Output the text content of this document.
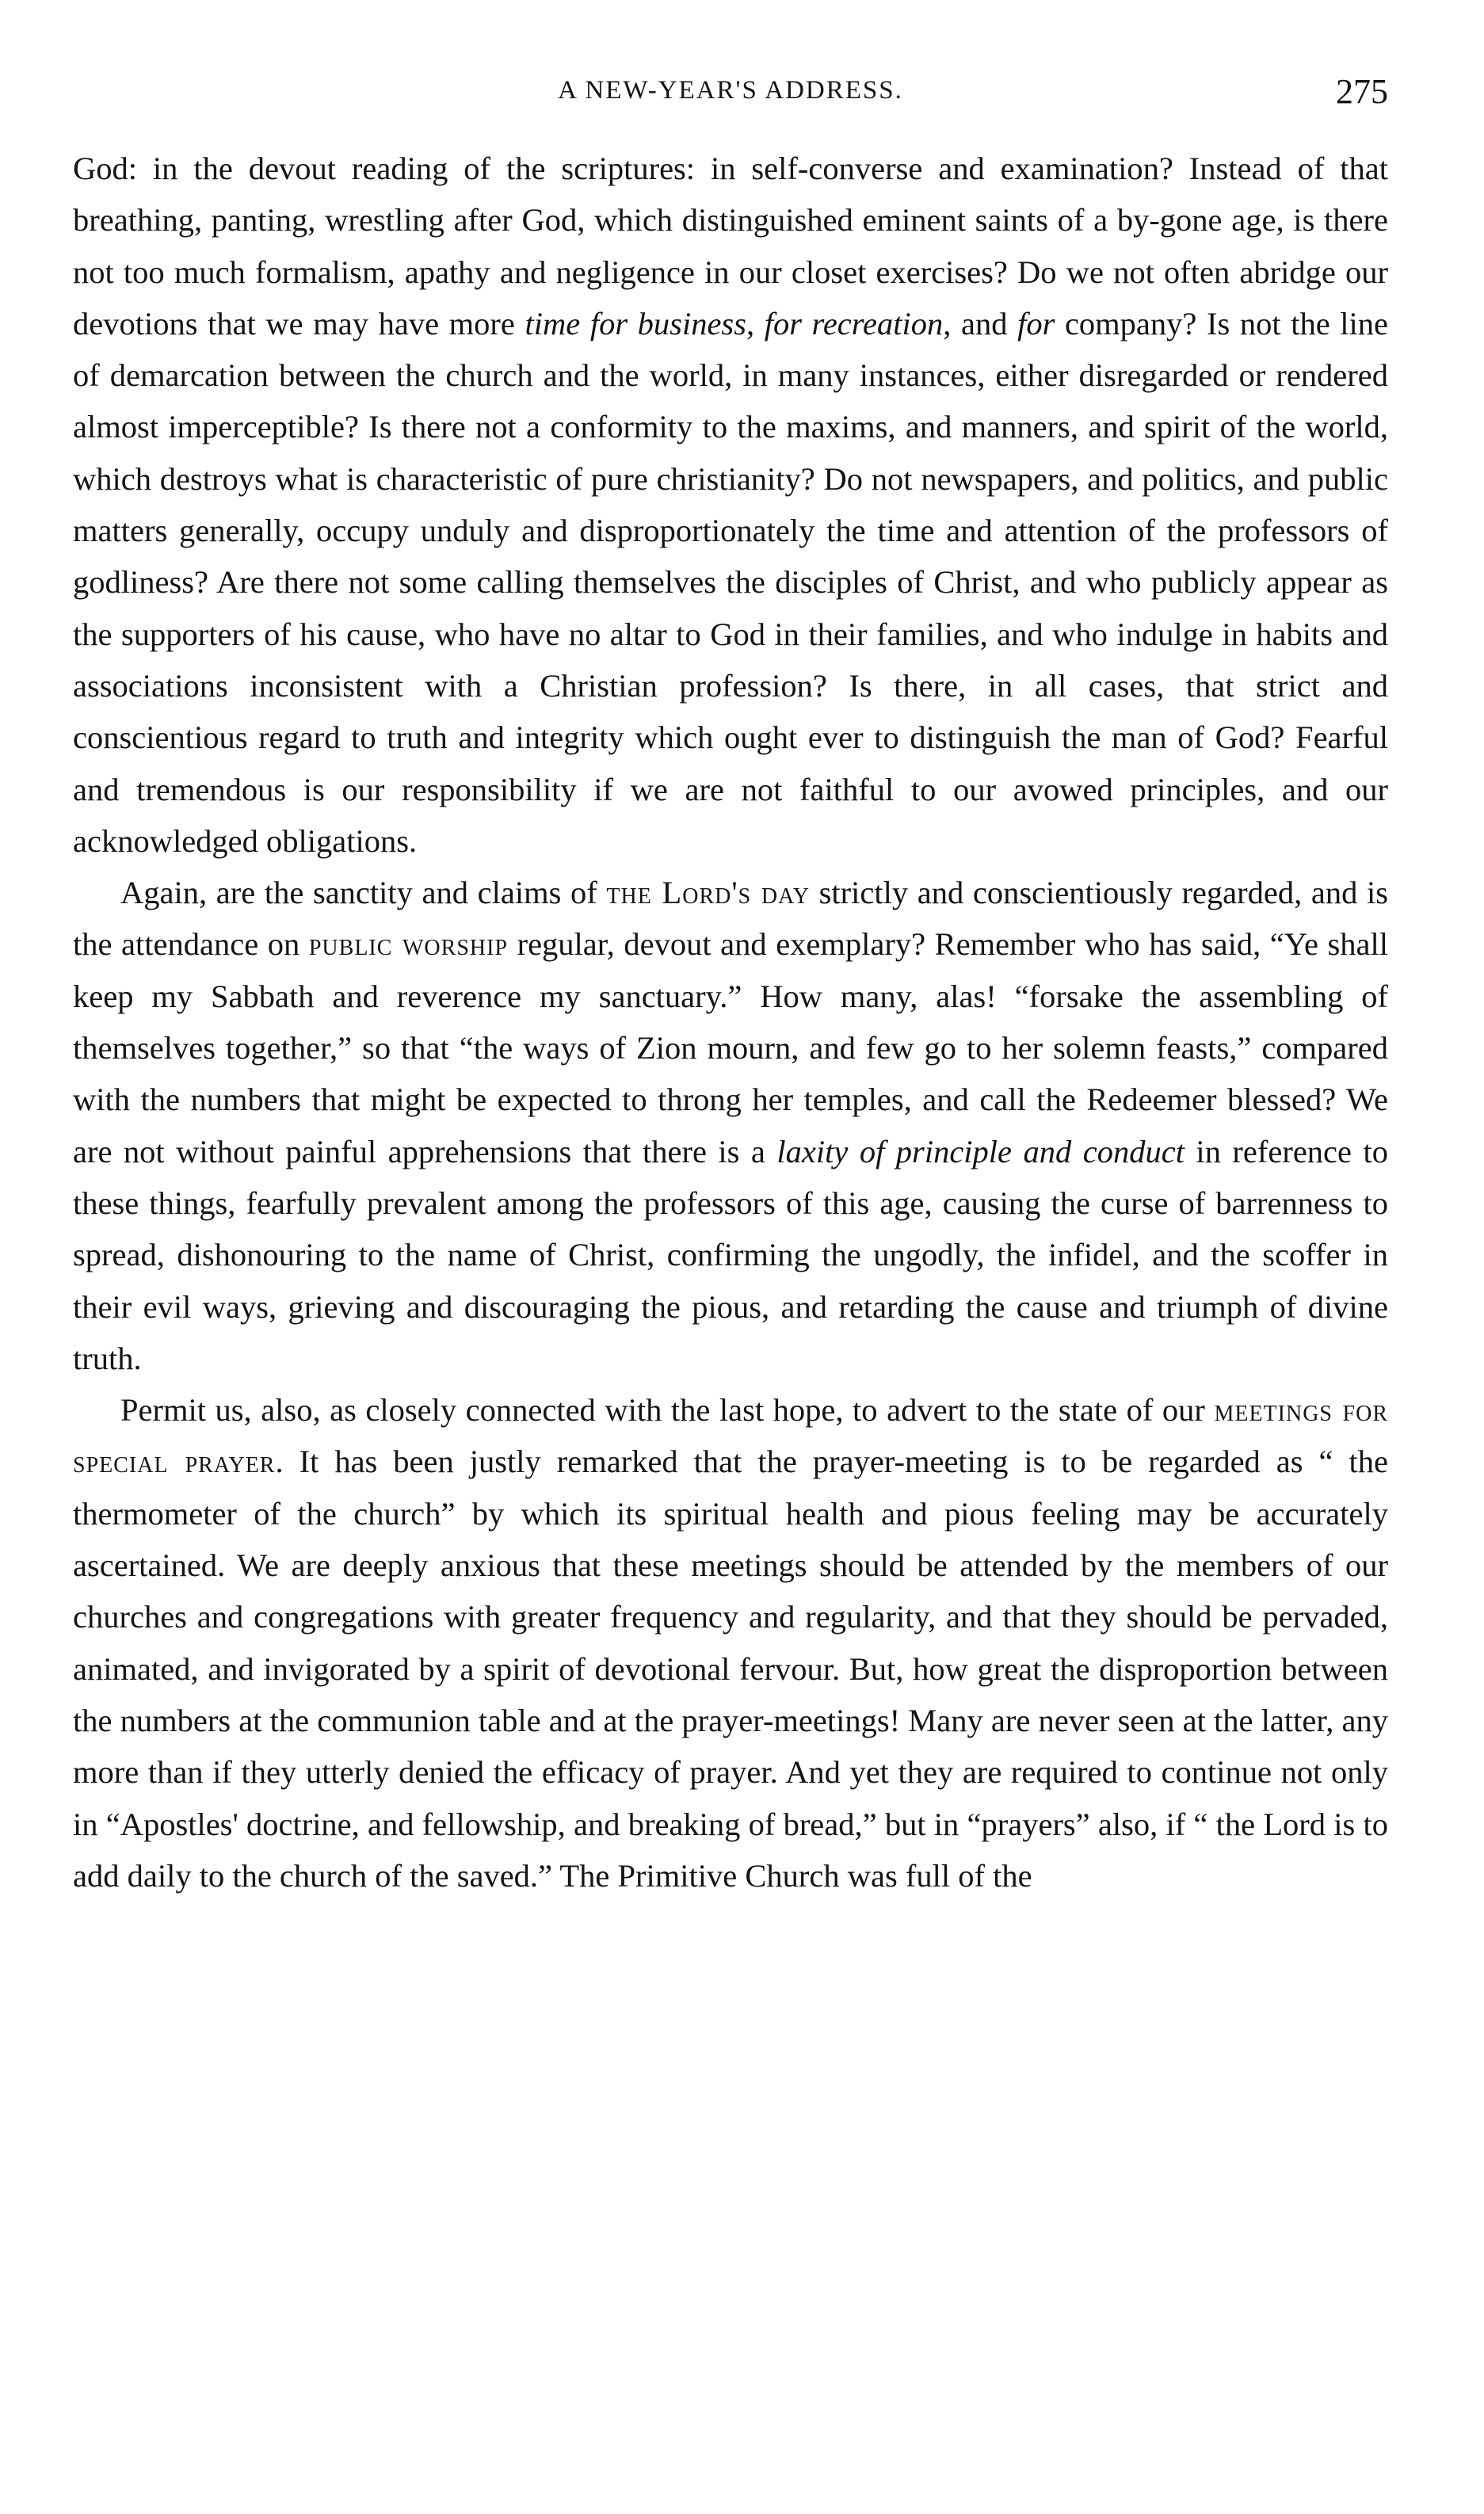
A NEW-YEAR'S ADDRESS.	275

God: in the devout reading of the scriptures: in self-converse and examination? Instead of that breathing, panting, wrestling after God, which distinguished eminent saints of a by-gone age, is there not too much formalism, apathy and negligence in our closet exercises? Do we not often abridge our devotions that we may have more time for business, for recreation, and for company? Is not the line of demarcation between the church and the world, in many instances, either disregarded or rendered almost imperceptible? Is there not a conformity to the maxims, and manners, and spirit of the world, which destroys what is characteristic of pure christianity? Do not newspapers, and politics, and public matters generally, occupy unduly and disproportionately the time and attention of the professors of godliness? Are there not some calling themselves the disciples of Christ, and who publicly appear as the supporters of his cause, who have no altar to God in their families, and who indulge in habits and associations inconsistent with a Christian profession? Is there, in all cases, that strict and conscientious regard to truth and integrity which ought ever to distinguish the man of God? Fearful and tremendous is our responsibility if we are not faithful to our avowed principles, and our acknowledged obligations.

Again, are the sanctity and claims of the Lord's day strictly and conscientiously regarded, and is the attendance on public worship regular, devout and exemplary? Remember who has said, “Ye shall keep my Sabbath and reverence my sanctuary.” How many, alas! “forsake the assembling of themselves together,” so that “the ways of Zion mourn, and few go to her solemn feasts,” compared with the numbers that might be expected to throng her temples, and call the Redeemer blessed? We are not without painful apprehensions that there is a laxity of principle and conduct in reference to these things, fearfully prevalent among the professors of this age, causing the curse of barrenness to spread, dishonouring to the name of Christ, confirming the ungodly, the infidel, and the scoffer in their evil ways, grieving and discouraging the pious, and retarding the cause and triumph of divine truth.

Permit us, also, as closely connected with the last hope, to advert to the state of our meetings for special prayer. It has been justly remarked that the prayer-meeting is to be regarded as “ the thermometer of the church” by which its spiritual health and pious feeling may be accurately ascertained. We are deeply anxious that these meetings should be attended by the members of our churches and congregations with greater frequency and regularity, and that they should be pervaded, animated, and invigorated by a spirit of devotional fervour. But, how great the disproportion between the numbers at the communion table and at the prayer-meetings! Many are never seen at the latter, any more than if they utterly denied the efficacy of prayer. And yet they are required to continue not only in “Apostles' doctrine, and fellowship, and breaking of bread,” but in “prayers” also, if “ the Lord is to add daily to the church of the saved.” The Primitive Church was full of the
